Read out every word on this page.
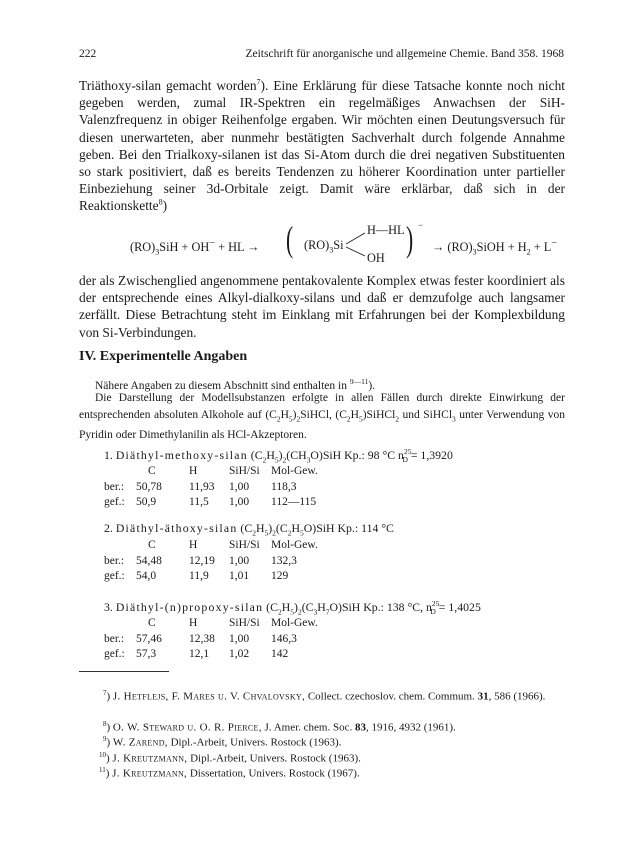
222	Zeitschrift für anorganische und allgemeine Chemie. Band 358. 1968

Triäthoxy-silan gemacht worden$^7$). Eine Erklärung für diese Tatsache konnte noch nicht gegeben werden, zumal IR-Spektren ein regelmäßiges Anwachsen der SiH-Valenzfrequenz in obiger Reihenfolge ergaben. Wir möchten einen Deutungsversuch für diesen unerwarteten, aber nunmehr bestätigten Sachverhalt durch folgende Annahme geben. Bei den Trialkoxy-silanen ist das Si-Atom durch die drei negativen Substituenten so stark positiviert, daß es bereits Tendenzen zu höherer Koordination unter partieller Einbeziehung seiner 3d-Orbitale zeigt. Damit wäre erklärbar, daß sich in der Reaktionskette$^8$)

$(RO)_3SiH + OH^-$ + HL → ( $(RO)_3Si$
H—HL
OH ) −
→ $(RO)_3SiOH + H_2 + L^-$

der als Zwischenglied angenommene pentakovalente Komplex etwas fester koordiniert als der entsprechende eines Alkyl-dialkoxy-silans und daß er demzufolge auch langsamer zerfällt. Diese Betrachtung steht im Einklang mit Erfahrungen bei der Komplexbildung von Si-Verbindungen.

IV. Experimentelle Angaben

Nähere Angaben zu diesem Abschnitt sind enthalten in $^{9—11}$).

Die Darstellung der Modellsubstanzen erfolgte in allen Fällen durch direkte Einwirkung der entsprechenden absoluten Alkohole auf $(C_2H_5)_2SiHCl$, $(C_2H_5)SiHCl_2$ und SiHCl$_3$ unter Verwendung von Pyridin oder Dimethylanilin als HCl-Akzeptoren.

1. Diäthyl-methoxy-silan $(C_2H_5)_2(CH_3O)SiH$ Kp.: 98 °C $n^{25}_D = 1,3920$
	C	H	SiH/Si	Mol-Gew.
ber.:	50,78	11,93	1,00	118,3
gef.:	50,9	11,5	1,00	112—115
2. Diäthyl-äthoxy-silan $(C_2H_5)_2(C_2H_5O)SiH$ Kp.: 114 °C
	C	H	SiH/Si	Mol-Gew.
ber.:	54,48	12,19	1,00	132,3
gef.:	54,0	11,9	1,01	129
3. Diäthyl-(n)propoxy-silan $(C_2H_5)_2(C_3H_7O)SiH$ Kp.: 138 °C, $n^{25}_D = 1,4025$
	C	H	SiH/Si	Mol-Gew.
ber.:	57,46	12,38	1,00	146,3
gef.:	57,3	12,1	1,02	142

$^7$) J. Hetflejs, F. Mares u. V. Chvalovsky, Collect. czechoslov. chem. Commum. 31, 586 (1966).

$^8$) O. W. Steward u. O. R. Pierce, J. Amer. chem. Soc. 83, 1916, 4932 (1961).

$^9$) W. Zarend, Dipl.-Arbeit, Univers. Rostock (1963).

$^{10}$) J. Kreutzmann, Dipl.-Arbeit, Univers. Rostock (1963).

$^{11}$) J. Kreutzmann, Dissertation, Univers. Rostock (1967).
